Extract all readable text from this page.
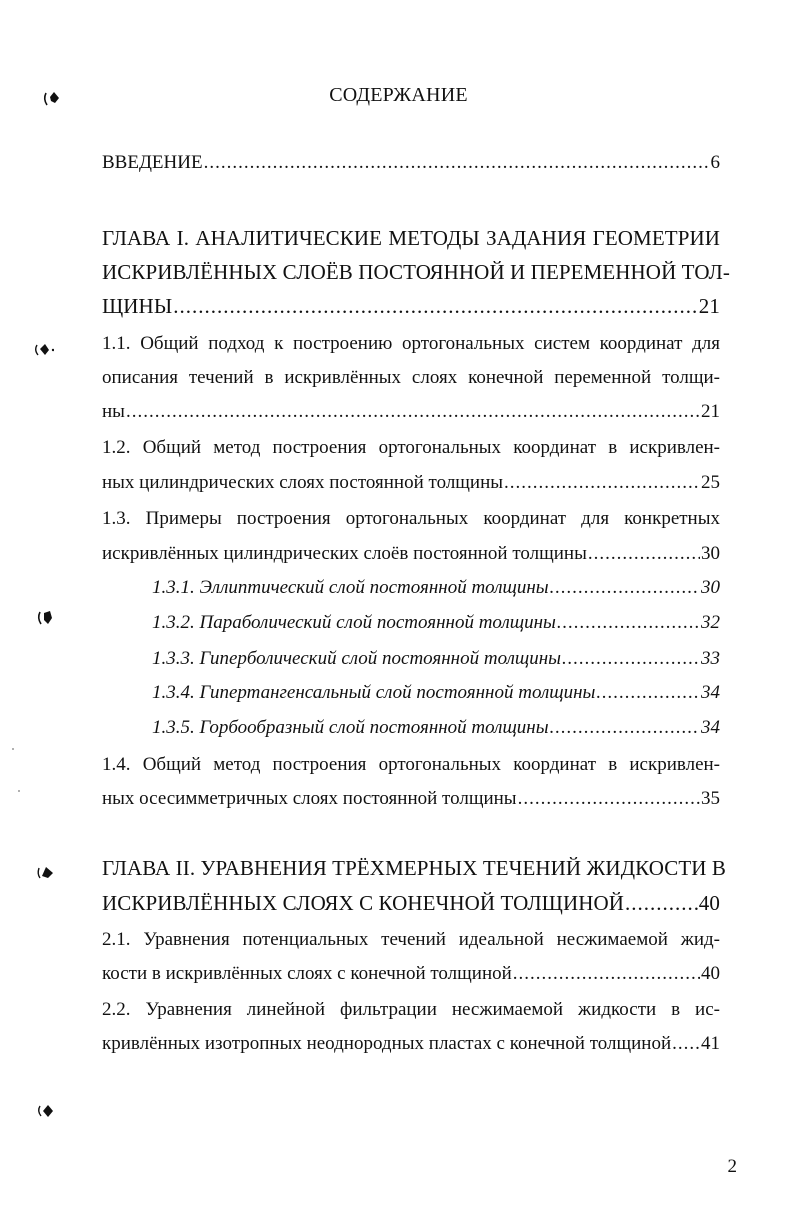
СОДЕРЖАНИЕ
ВВЕДЕНИЕ .....	6
ГЛАВА I. АНАЛИТИЧЕСКИЕ МЕТОДЫ ЗАДАНИЯ ГЕОМЕТРИИ
ИСКРИВЛЁННЫХ СЛОЁВ ПОСТОЯННОЙ И ПЕРЕМЕННОЙ ТОЛ-
ЩИНЫ .....	21
1.1. Общий подход к построению ортогональных систем координат для
описания течений в искривлённых слоях конечной переменной толщи-
ны .....	21
1.2. Общий метод построения ортогональных координат в искривлен-
ных цилиндрических слоях постоянной толщины .....	25
1.3. Примеры построения ортогональных координат для конкретных
искривлённых цилиндрических слоёв постоянной толщины .....	30
1.3.1. Эллиптический слой постоянной толщины .....	30
1.3.2. Параболический слой постоянной толщины .....	32
1.3.3. Гиперболический слой постоянной толщины .....	33
1.3.4. Гипертангенсальный слой постоянной толщины .....	34
1.3.5. Горбообразный слой постоянной толщины .....	34
1.4. Общий метод построения ортогональных координат в искривлен-
ных осесимметричных слоях постоянной толщины .....	35
ГЛАВА II. УРАВНЕНИЯ ТРЁХМЕРНЫХ ТЕЧЕНИЙ ЖИДКОСТИ В
ИСКРИВЛЁННЫХ СЛОЯХ С КОНЕЧНОЙ ТОЛЩИНОЙ .....	40
2.1. Уравнения потенциальных течений идеальной несжимаемой жид-
кости в искривлённых слоях с конечной толщиной .....	40
2.2. Уравнения линейной фильтрации несжимаемой жидкости в ис-
кривлённых изотропных неоднородных пластах с конечной толщиной ..... 41
2
